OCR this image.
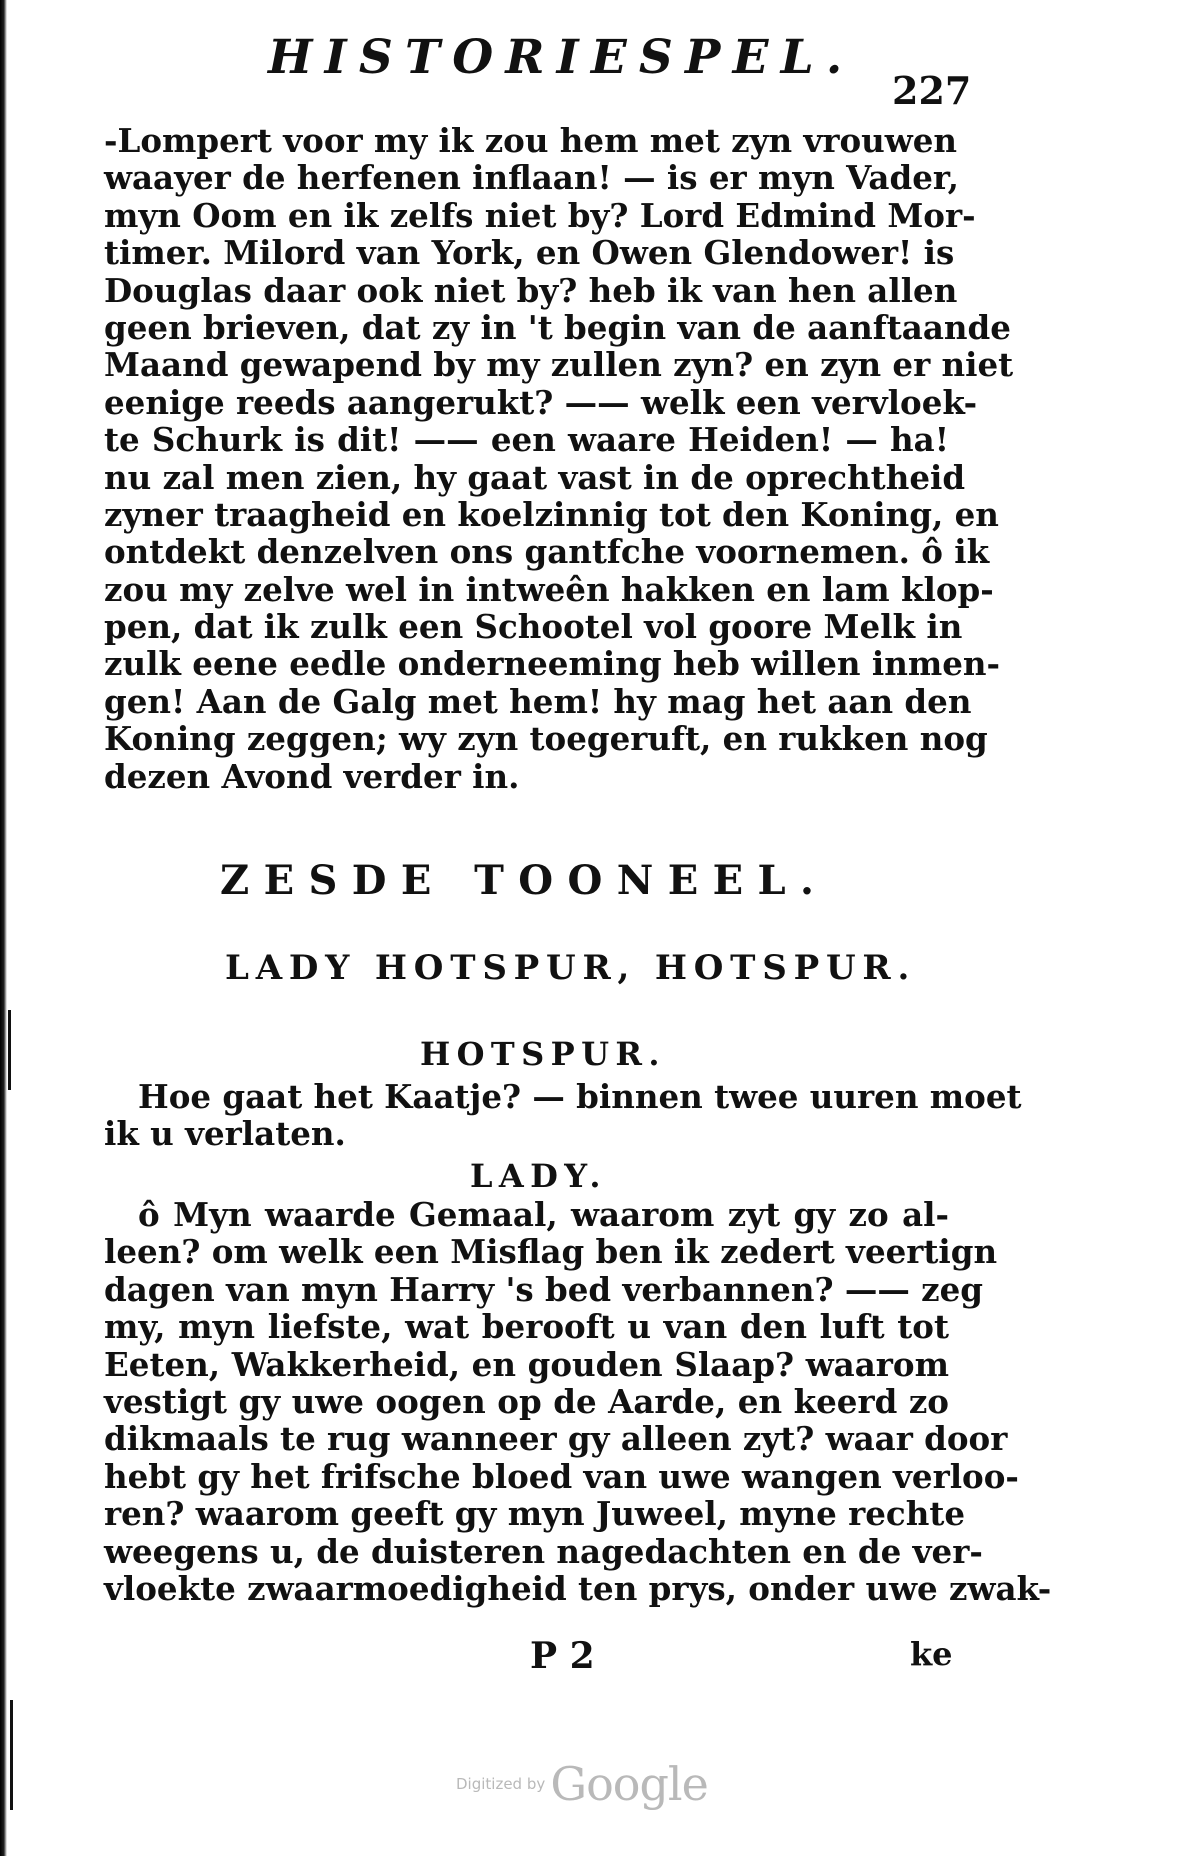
HISTORIESPEL.
227
-Lompert voor my ik zou hem met zyn vrouwen
waayer de herfenen inflaan! — is er myn Vader,
myn Oom en ik zelfs niet by? Lord Edmind Mor-
timer. Milord van York, en Owen Glendower! is
Douglas daar ook niet by? heb ik van hen allen
geen brieven, dat zy in 't begin van de aanftaande
Maand gewapend by my zullen zyn? en zyn er niet
eenige reeds aangerukt? —— welk een vervloek-
te Schurk is dit! —— een waare Heiden! — ha!
nu zal men zien, hy gaat vast in de oprechtheid
zyner traagheid en koelzinnig tot den Koning, en
ontdekt denzelven ons gantfche voornemen. ô ik
zou my zelve wel in intweên hakken en lam klop-
pen, dat ik zulk een Schootel vol goore Melk in
zulk eene eedle onderneeming heb willen inmen-
gen! Aan de Galg met hem! hy mag het aan den
Koning zeggen; wy zyn toegeruft, en rukken nog
dezen Avond verder in.
ZESDE TOONEEL.
LADY HOTSPUR, HOTSPUR.
HOTSPUR.
Hoe gaat het Kaatje? — binnen twee uuren moet
ik u verlaten.
LADY.
ô Myn waarde Gemaal, waarom zyt gy zo al-
leen? om welk een Misflag ben ik zedert veertign
dagen van myn Harry 's bed verbannen? —— zeg
my, myn liefste, wat berooft u van den luft tot
Eeten, Wakkerheid, en gouden Slaap? waarom
vestigt gy uwe oogen op de Aarde, en keerd zo
dikmaals te rug wanneer gy alleen zyt? waar door
hebt gy het frifsche bloed van uwe wangen verloo-
ren? waarom geeft gy myn Juweel, myne rechte
weegens u, de duisteren nagedachten en de ver-
vloekte zwaarmoedigheid ten prys, onder uwe zwak-
P 2	ke
Digitized by Google
